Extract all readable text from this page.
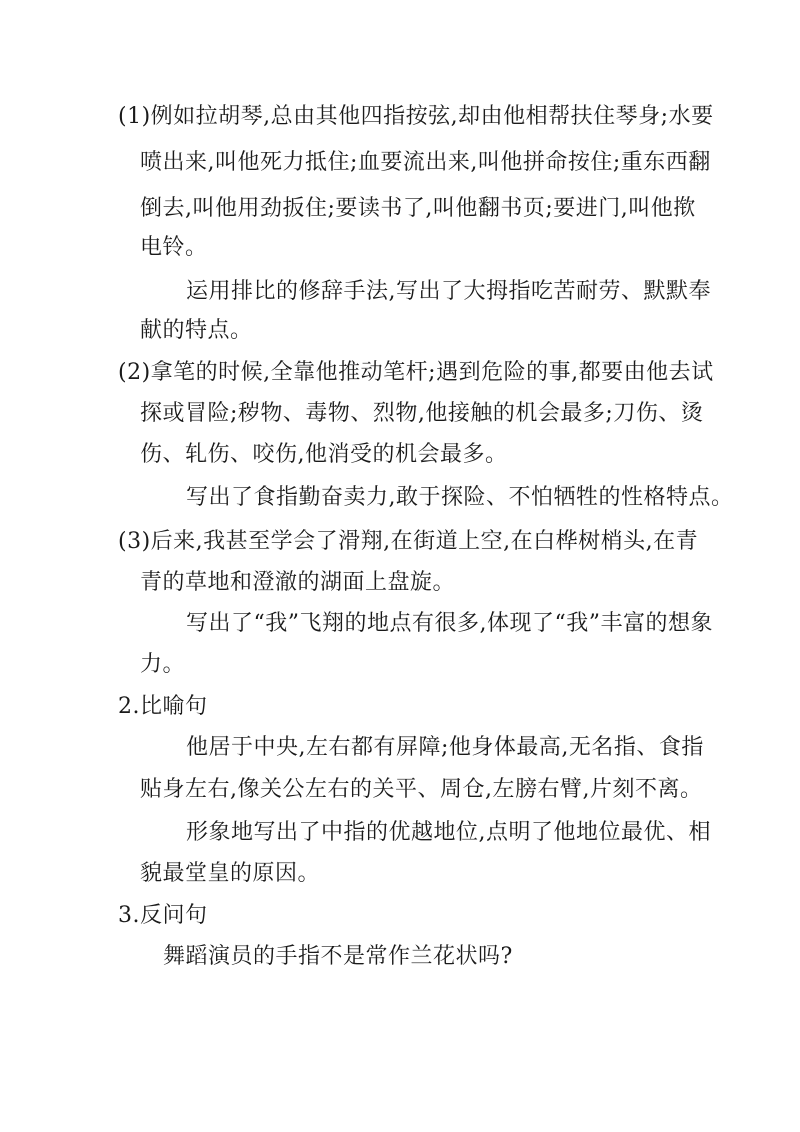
(1)例如拉胡琴,总由其他四指按弦,却由他相帮扶住琴身;水要
喷出来,叫他死力抵住;血要流出来,叫他拼命按住;重东西翻
倒去,叫他用劲扳住;要读书了,叫他翻书页;要进门,叫他揿
电铃。
运用排比的修辞手法,写出了大拇指吃苦耐劳、默默奉
献的特点。
(2)拿笔的时候,全靠他推动笔杆;遇到危险的事,都要由他去试
探或冒险;秽物、毒物、烈物,他接触的机会最多;刀伤、烫
伤、轧伤、咬伤,他消受的机会最多。
写出了食指勤奋卖力,敢于探险、不怕牺牲的性格特点。
(3)后来,我甚至学会了滑翔,在街道上空,在白桦树梢头,在青
青的草地和澄澈的湖面上盘旋。
写出了“我”飞翔的地点有很多,体现了“我”丰富的想象
力。
2.比喻句
他居于中央,左右都有屏障;他身体最高,无名指、食指
贴身左右,像关公左右的关平、周仓,左膀右臂,片刻不离。
形象地写出了中指的优越地位,点明了他地位最优、相
貌最堂皇的原因。
3.反问句
舞蹈演员的手指不是常作兰花状吗?
